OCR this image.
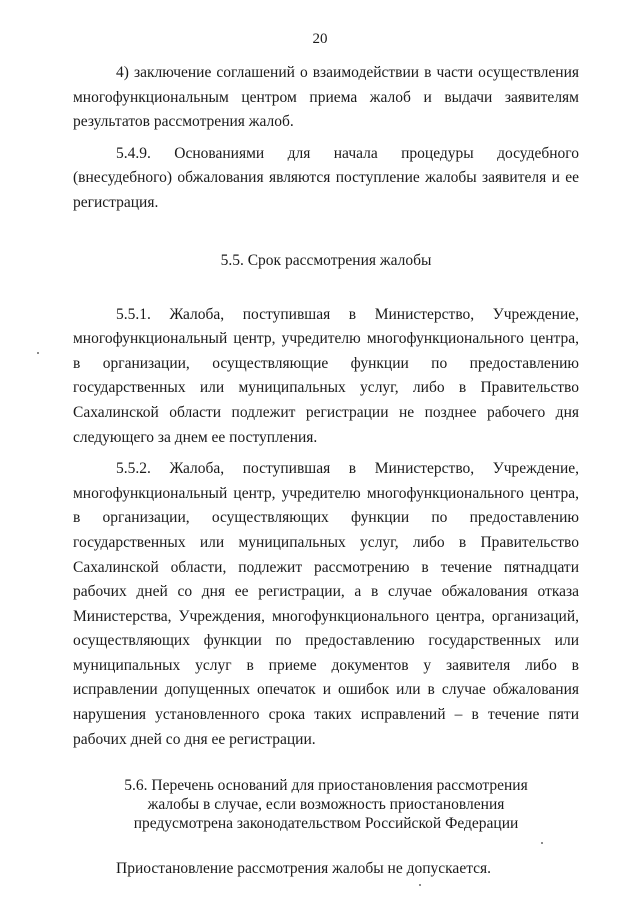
20

4) заключение соглашений о взаимодействии в части осуществления многофункциональным центром приема жалоб и выдачи заявителям результатов рассмотрения жалоб.

5.4.9. Основаниями для начала процедуры досудебного (внесудебного) обжалования являются поступление жалобы заявителя и ее регистрация.

5.5. Срок рассмотрения жалобы

5.5.1. Жалоба, поступившая в Министерство, Учреждение, многофункциональный центр, учредителю многофункционального центра, в организации, осуществляющие функции по предоставлению государственных или муниципальных услуг, либо в Правительство Сахалинской области подлежит регистрации не позднее рабочего дня следующего за днем ее поступления.

5.5.2. Жалоба, поступившая в Министерство, Учреждение, многофункциональный центр, учредителю многофункционального центра, в организации, осуществляющих функции по предоставлению государственных или муниципальных услуг, либо в Правительство Сахалинской области, подлежит рассмотрению в течение пятнадцати рабочих дней со дня ее регистрации, а в случае обжалования отказа Министерства, Учреждения, многофункционального центра, организаций, осуществляющих функции по предоставлению государственных или муниципальных услуг в приеме документов у заявителя либо в исправлении допущенных опечаток и ошибок или в случае обжалования нарушения установленного срока таких исправлений – в течение пяти рабочих дней со дня ее регистрации.

5.6. Перечень оснований для приостановления рассмотрения
жалобы в случае, если возможность приостановления
предусмотрена законодательством Российской Федерации

Приостановление рассмотрения жалобы не допускается.
